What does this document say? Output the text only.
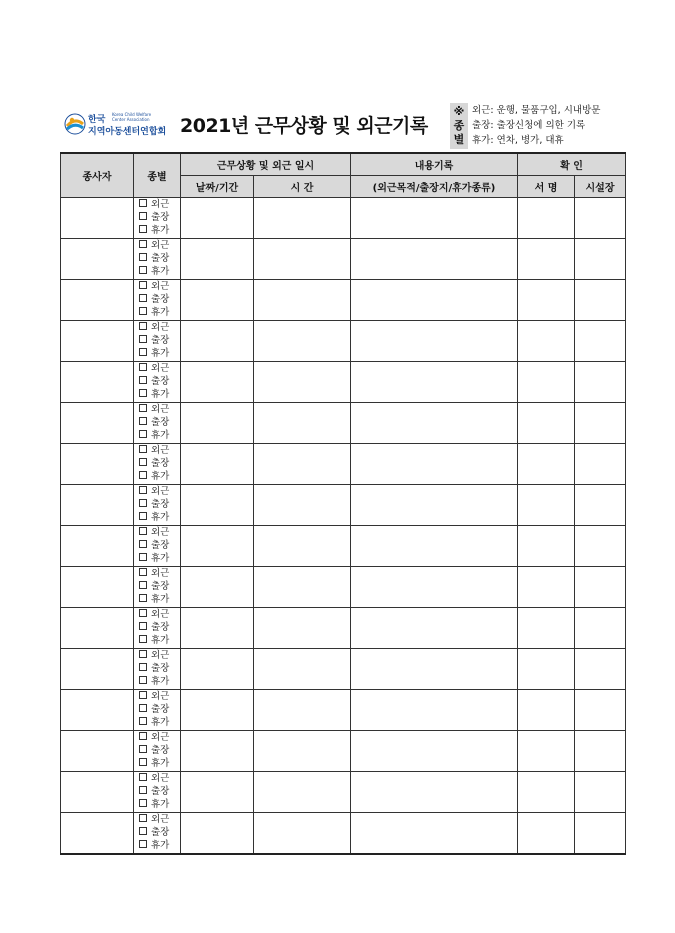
한국
Korea Child Welfare Center Association
지역아동센터연합회 2021년 근무상황 및 외근기록
※
종
별
외근: 운행, 물품구입, 시내방문
출장: 출장신청에 의한 기록
휴가: 연차, 병가, 대휴
종사자	종별	근무상황 및 외근 일시		내용기록	확 인	
		날짜/기간	시 간	(외근목적/출장지/휴가종류)	서 명	시설장

	외근
출장
휴가					

	외근
출장
휴가					

	외근
출장
휴가					

	외근
출장
휴가					

	외근
출장
휴가					

	외근
출장
휴가					

	외근
출장
휴가					

	외근
출장
휴가					

	외근
출장
휴가					

	외근
출장
휴가					

	외근
출장
휴가					

	외근
출장
휴가					

	외근
출장
휴가					

	외근
출장
휴가					

	외근
출장
휴가					

	외근
출장
휴가					
